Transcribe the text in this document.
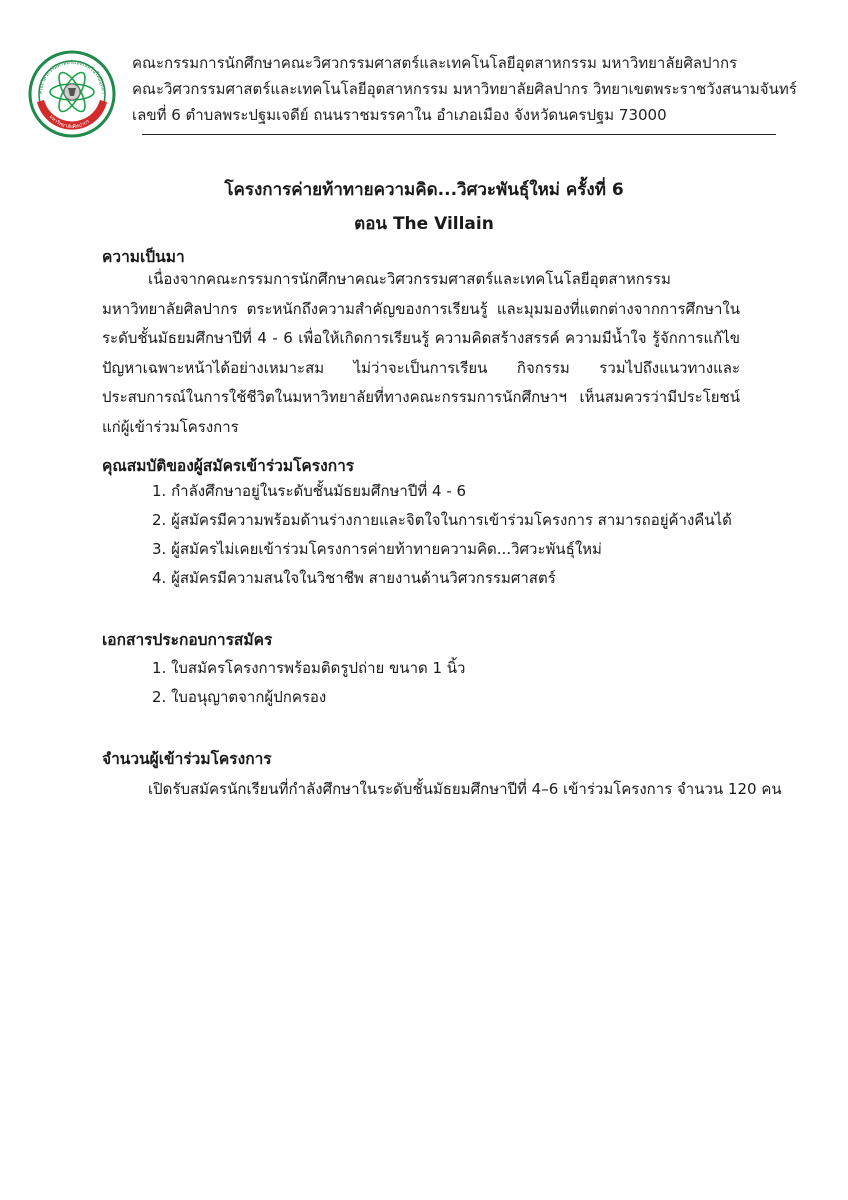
คณะวิศวกรรมศาสตร์และเทคโนโลยีอุตสา
มหาวิทยาลัยศิลปากร
คณะกรรมการนักศึกษาคณะวิศวกรรมศาสตร์และเทคโนโลยีอุตสาหกรรม มหาวิทยาลัยศิลปากร
คณะวิศวกรรมศาสตร์และเทคโนโลยีอุตสาหกรรม มหาวิทยาลัยศิลปากร วิทยาเขตพระราชวังสนามจันทร์
เลขที่ 6 ตำบลพระปฐมเจดีย์ ถนนราชมรรคาใน อำเภอเมือง จังหวัดนครปฐม 73000
โครงการค่ายท้าทายความคิด...วิศวะพันธุ์ใหม่ ครั้งที่ 6
ตอน The Villain
ความเป็นมา
เนื่องจากคณะกรรมการนักศึกษาคณะวิศวกรรมศาสตร์และเทคโนโลยีอุตสาหกรรม มหาวิทยาลัยศิลปากร ตระหนักถึงความสำคัญของการเรียนรู้ และมุมมองที่แตกต่างจากการศึกษาในระดับชั้นมัธยมศึกษาปีที่ 4 - 6 เพื่อให้เกิดการเรียนรู้ ความคิดสร้างสรรค์ ความมีน้ำใจ รู้จักการแก้ไขปัญหาเฉพาะหน้าได้อย่างเหมาะสม ไม่ว่าจะเป็นการเรียน กิจกรรม รวมไปถึงแนวทางและประสบการณ์ในการใช้ชีวิตในมหาวิทยาลัยที่ทางคณะกรรมการนักศึกษาฯ เห็นสมควรว่ามีประโยชน์แก่ผู้เข้าร่วมโครงการ
คุณสมบัติของผู้สมัครเข้าร่วมโครงการ
1. กำลังศึกษาอยู่ในระดับชั้นมัธยมศึกษาปีที่ 4 - 6
2. ผู้สมัครมีความพร้อมด้านร่างกายและจิตใจในการเข้าร่วมโครงการ สามารถอยู่ค้างคืนได้
3. ผู้สมัครไม่เคยเข้าร่วมโครงการค่ายท้าทายความคิด...วิศวะพันธุ์ใหม่
4. ผู้สมัครมีความสนใจในวิชาชีพ สายงานด้านวิศวกรรมศาสตร์
เอกสารประกอบการสมัคร
1. ใบสมัครโครงการพร้อมติดรูปถ่าย ขนาด 1 นิ้ว
2. ใบอนุญาตจากผู้ปกครอง
จำนวนผู้เข้าร่วมโครงการ
เปิดรับสมัครนักเรียนที่กำลังศึกษาในระดับชั้นมัธยมศึกษาปีที่ 4–6 เข้าร่วมโครงการ จำนวน 120 คน
